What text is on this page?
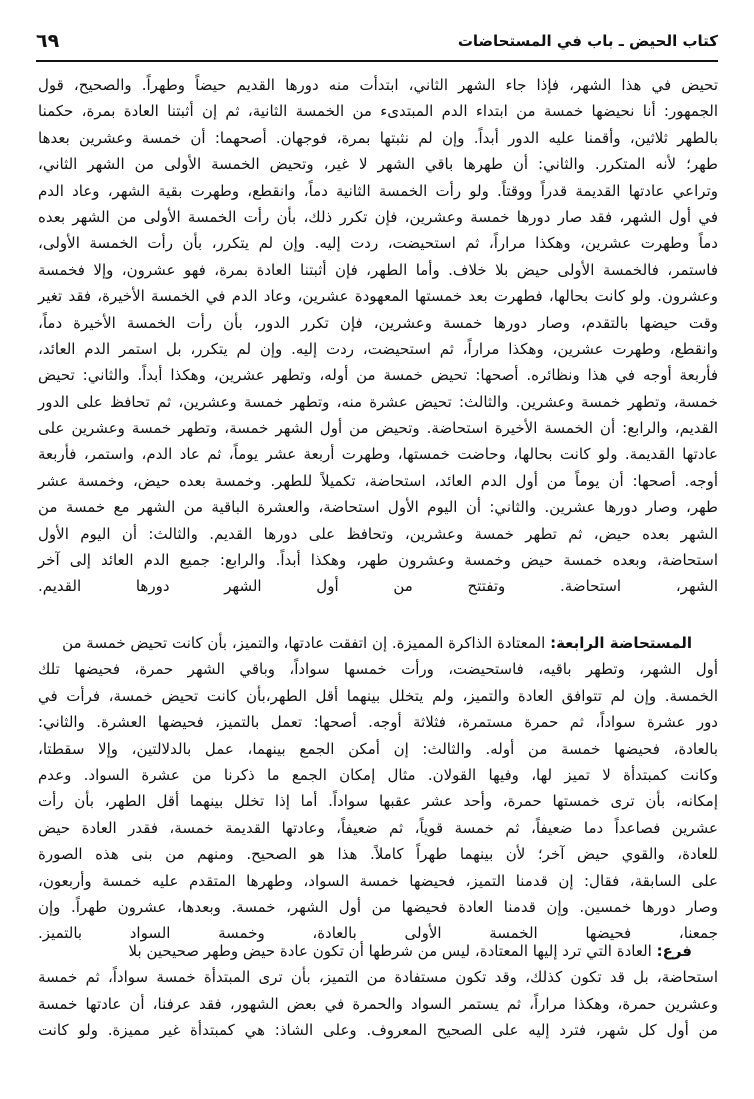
كتاب الحيض ـ باب في المستحاضات
٦٩
تحيض في هذا الشهر، فإذا جاء الشهر الثاني، ابتدأت منه دورها القديم حيضاً وطهراً. والصحيح، قول
الجمهور: أنا نحيضها خمسة من ابتداء الدم المبتدىء من الخمسة الثانية، ثم إن أثبتنا العادة بمرة، حكمنا
بالطهر ثلاثين، وأقمنا عليه الدور أبداً. وإن لم نثبتها بمرة، فوجهان. أصحهما: أن خمسة وعشرين بعدها
طهر؛ لأنه المتكرر. والثاني: أن طهرها باقي الشهر لا غير، وتحيض الخمسة الأولى من الشهر الثاني،
وتراعي عادتها القديمة قدراً ووقتاً. ولو رأت الخمسة الثانية دماً، وانقطع، وطهرت بقية الشهر، وعاد الدم
في أول الشهر، فقد صار دورها خمسة وعشرين، فإن تكرر ذلك، بأن رأت الخمسة الأولى من الشهر بعده
دماً وطهرت عشرين، وهكذا مراراً، ثم استحيضت، ردت إليه. وإن لم يتكرر، بأن رأت الخمسة الأولى،
فاستمر، فالخمسة الأولى حيض بلا خلاف. وأما الطهر، فإن أثبتنا العادة بمرة، فهو عشرون، وإلا فخمسة
وعشرون. ولو كانت بحالها، فطهرت بعد خمستها المعهودة عشرين، وعاد الدم في الخمسة الأخيرة، فقد تغير
وقت حيضها بالتقدم، وصار دورها خمسة وعشرين، فإن تكرر الدور، بأن رأت الخمسة الأخيرة دماً،
وانقطع، وطهرت عشرين، وهكذا مراراً، ثم استحيضت، ردت إليه. وإن لم يتكرر، بل استمر الدم العائد،
فأربعة أوجه في هذا ونظائره. أصحها: تحيض خمسة من أوله، وتطهر عشرين، وهكذا أبداً. والثاني: تحيض
خمسة، وتطهر خمسة وعشرين. والثالث: تحيض عشرة منه، وتطهر خمسة وعشرين، ثم تحافظ على الدور
القديم، والرابع: أن الخمسة الأخيرة استحاضة. وتحيض من أول الشهر خمسة، وتطهر خمسة وعشرين على
عادتها القديمة. ولو كانت بحالها، وحاضت خمستها، وطهرت أربعة عشر يوماً، ثم عاد الدم، واستمر، فأربعة
أوجه. أصحها: أن يوماً من أول الدم العائد، استحاضة، تكميلاً للطهر. وخمسة بعده حيض، وخمسة عشر
طهر، وصار دورها عشرين. والثاني: أن اليوم الأول استحاضة، والعشرة الباقية من الشهر مع خمسة من
الشهر بعده حيض، ثم تطهر خمسة وعشرين، وتحافظ على دورها القديم. والثالث: أن اليوم الأول
استحاضة، وبعده خمسة حيض وخمسة وعشرون طهر، وهكذا أبداً. والرابع: جميع الدم العائد إلى آخر
الشهر، استحاضة. وتفتتح من أول الشهر دورها القديم.
المستحاضة الرابعة: المعتادة الذاكرة المميزة. إن اتفقت عادتها، والتميز، بأن كانت تحيض خمسة من
أول الشهر، وتطهر باقيه، فاستحيضت، ورأت خمسها سواداً، وباقي الشهر حمرة، فحيضها تلك
الخمسة. وإن لم تتوافق العادة والتميز، ولم يتخلل بينهما أقل الطهر،بأن كانت تحيض خمسة، فرأت في
دور عشرة سواداً، ثم حمرة مستمرة، فثلاثة أوجه. أصحها: تعمل بالتميز، فحيضها العشرة. والثاني:
بالعادة، فحيضها خمسة من أوله. والثالث: إن أمكن الجمع بينهما، عمل بالدلالتين، وإلا سقطتا،
وكانت كمبتدأة لا تميز لها، وفيها القولان. مثال إمكان الجمع ما ذكرنا من عشرة السواد. وعدم
إمكانه، بأن ترى خمستها حمرة، وأحد عشر عقبها سواداً. أما إذا تخلل بينهما أقل الطهر، بأن رأت
عشرين فصاعداً دما ضعيفاً، ثم خمسة قوياً، ثم ضعيفاً، وعادتها القديمة خمسة، فقدر العادة حيض
للعادة، والقوي حيض آخر؛ لأن بينهما طهراً كاملاً. هذا هو الصحيح. ومنهم من بنى هذه الصورة
على السابقة، فقال: إن قدمنا التميز، فحيضها خمسة السواد، وطهرها المتقدم عليه خمسة وأربعون،
وصار دورها خمسين. وإن قدمنا العادة فحيضها من أول الشهر، خمسة. وبعدها، عشرون طهراً. وإن
جمعنا، فحيضها الخمسة الأولى بالعادة، وخمسة السواد بالتميز.
فرع: العادة التي ترد إليها المعتادة، ليس من شرطها أن تكون عادة حيض وطهر صحيحين بلا
استحاضة، بل قد تكون كذلك، وقد تكون مستفادة من التميز، بأن ترى المبتدأة خمسة سواداً، ثم خمسة
وعشرين حمرة، وهكذا مراراً، ثم يستمر السواد والحمرة في بعض الشهور، فقد عرفنا، أن عادتها خمسة
من أول كل شهر، فترد إليه على الصحيح المعروف. وعلى الشاذ: هي كمبتدأة غير مميزة. ولو كانت
